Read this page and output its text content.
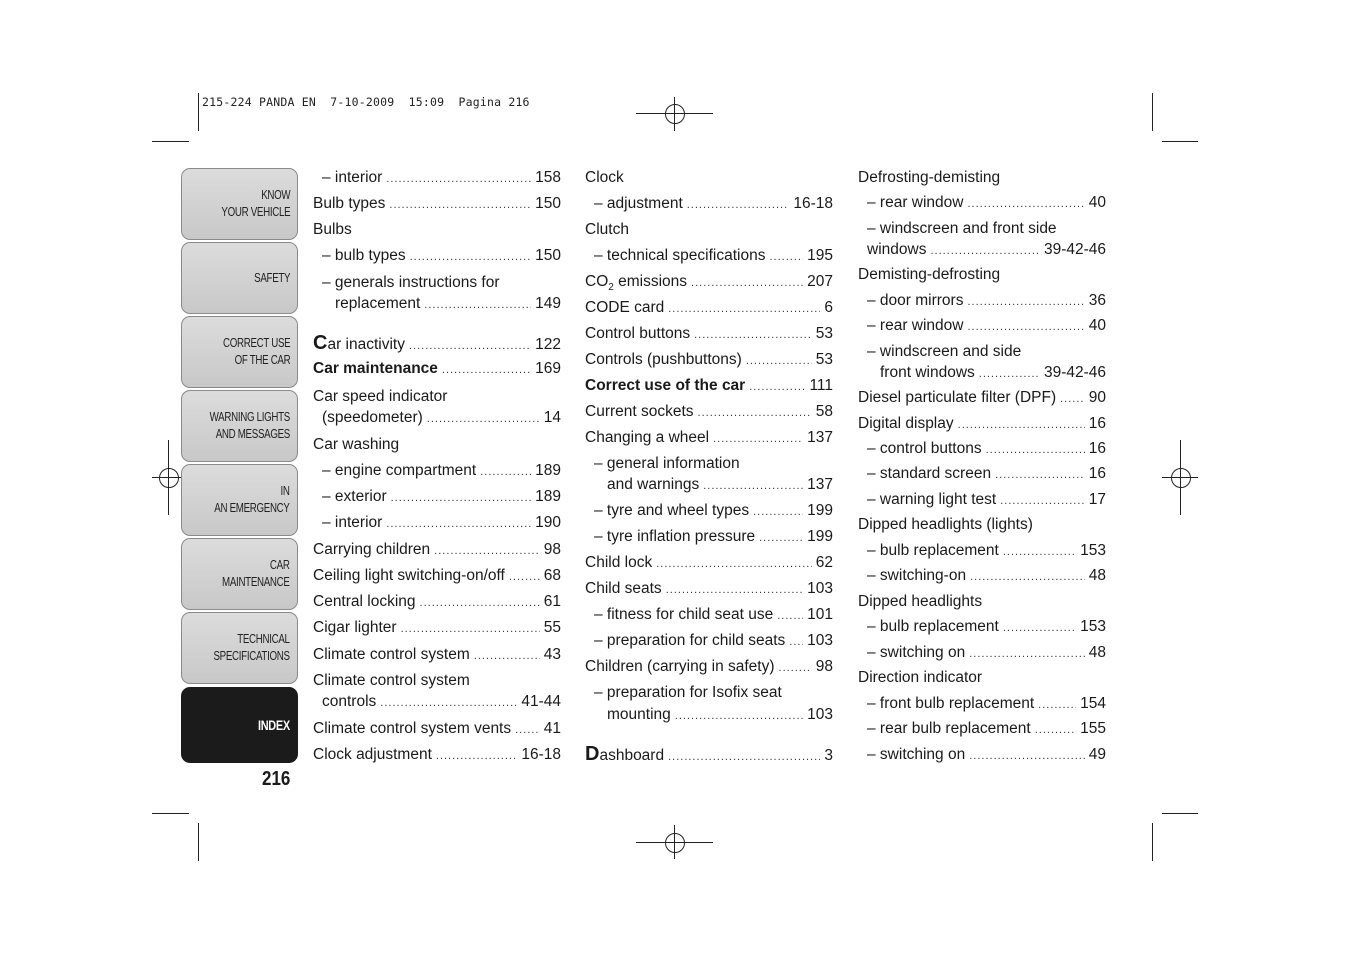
215-224 PANDA EN  7-10-2009  15:09  Pagina 216
KNOW
YOUR VEHICLE
SAFETY
CORRECT USE
OF THE CAR
WARNING LIGHTS
AND MESSAGES
IN
AN EMERGENCY
CAR
MAINTENANCE
TECHNICAL
SPECIFICATIONS
INDEX
216
– interior .....	158
Bulb types .....	150
Bulbs
– bulb types .....	150
– generals instructions for
replacement .....	149
Car inactivity .....	122
Car maintenance .....	169
Car speed indicator
(speedometer) .....	14
Car washing
– engine compartment .....	189
– exterior .....	189
– interior .....	190
Carrying children .....	98
Ceiling light switching-on/off .....	68
Central locking .....	61
Cigar lighter .....	55
Climate control system .....	43
Climate control system
controls .....	41-44
Climate control system vents ..... 41
Clock adjustment .....	16-18
Clock
– adjustment .....	16-18
Clutch
– technical specifications .....	195
$CO_2$ emissions .....	207
CODE card .....	6
Control buttons .....	53
Controls (pushbuttons) .....	53
Correct use of the car .....	111
Current sockets .....	58
Changing a wheel .....	137
– general information
and warnings .....	137
– tyre and wheel types .....	199
– tyre inflation pressure .....	199
Child lock .....	62
Child seats .....	103
– fitness for child seat use ..... 101
– preparation for child seats ..... 103
Children (carrying in safety) .....	98
– preparation for Isofix seat
mounting .....	103
Dashboard .....	3
Defrosting-demisting
– rear window .....	40
– windscreen and front side
windows .....	39-42-46
Demisting-defrosting
– door mirrors .....	36
– rear window .....	40
– windscreen and side
front windows .....	39-42-46
Diesel particulate filter (DPF) ..... 90
Digital display .....	16
– control buttons .....	16
– standard screen .....	16
– warning light test .....	17
Dipped headlights (lights)
– bulb replacement .....	153
– switching-on .....	48
Dipped headlights
– bulb replacement .....	153
– switching on .....	48
Direction indicator
– front bulb replacement .....	154
– rear bulb replacement .....	155
– switching on .....	49
